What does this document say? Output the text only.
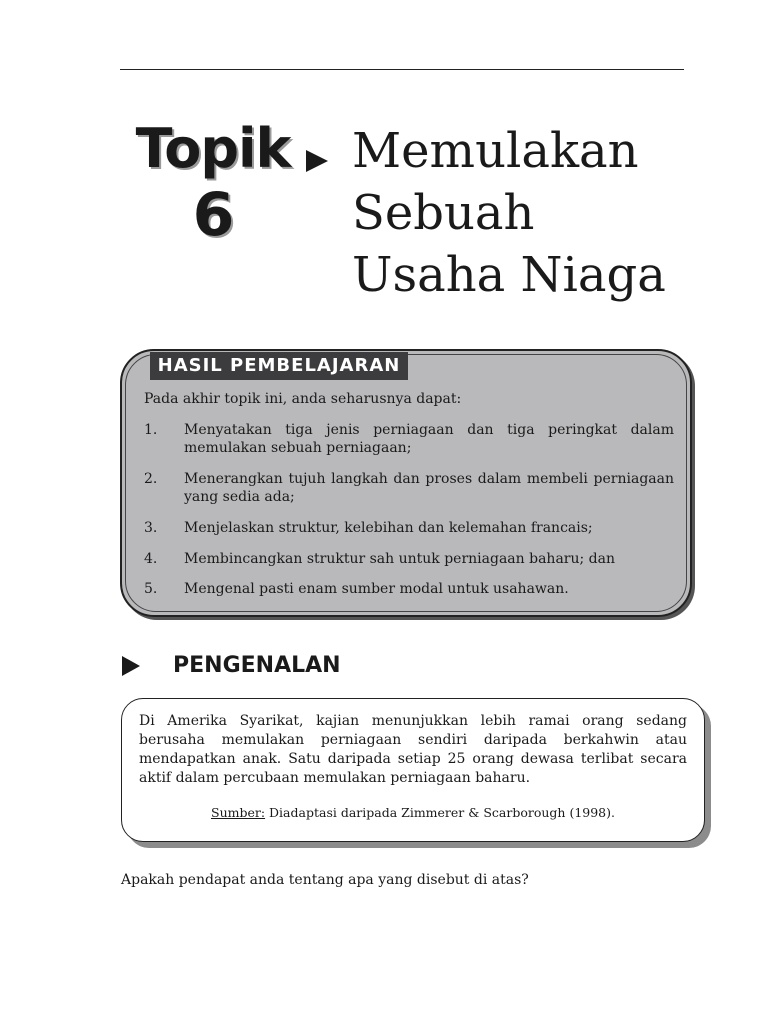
Topik
6
Memulakan
Sebuah
Usaha Niaga
HASIL PEMBELAJARAN
Pada akhir topik ini, anda seharusnya dapat:
1.	Menyatakan tiga jenis perniagaan dan tiga peringkat dalam memulakan sebuah perniagaan;
2.	Menerangkan tujuh langkah dan proses dalam membeli perniagaan yang sedia ada;
3.	Menjelaskan struktur, kelebihan dan kelemahan francais;
4.	Membincangkan struktur sah untuk perniagaan baharu; dan
5.	Mengenal pasti enam sumber modal untuk usahawan.
PENGENALAN

Di Amerika Syarikat, kajian menunjukkan lebih ramai orang sedang berusaha memulakan perniagaan sendiri daripada berkahwin atau mendapatkan anak. Satu daripada setiap 25 orang dewasa terlibat secara aktif dalam percubaan memulakan perniagaan baharu.

Sumber: Diadaptasi daripada Zimmerer & Scarborough (1998).

Apakah pendapat anda tentang apa yang disebut di atas?
